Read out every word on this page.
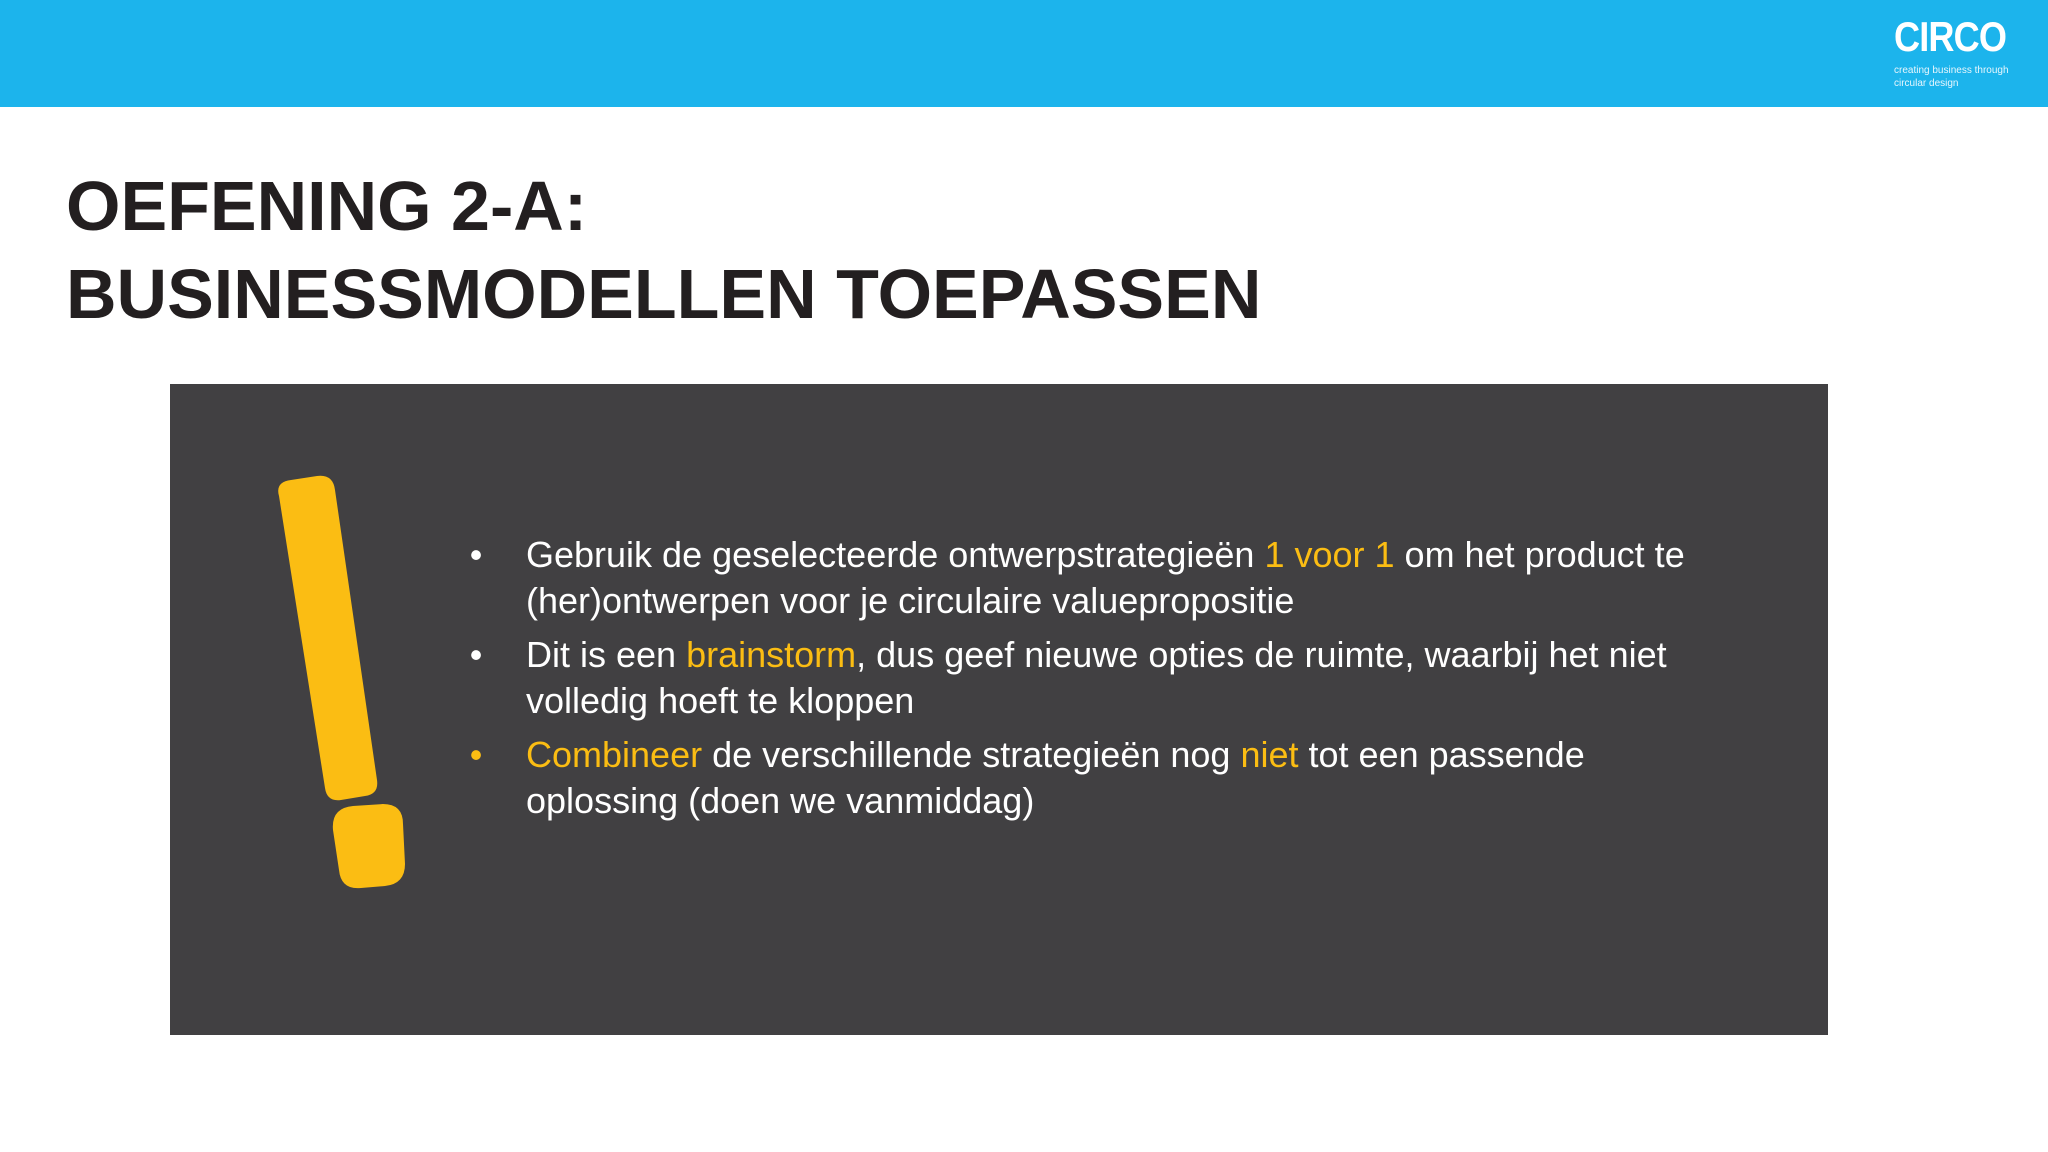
CIRCO
creating business through circular design
OEFENING 2-A:
BUSINESSMODELLEN TOEPASSEN
• Gebruik de geselecteerde ontwerpstrategieën 1 voor 1 om het product te (her)ontwerpen voor je circulaire valuepropositie
• Dit is een brainstorm, dus geef nieuwe opties de ruimte, waarbij het niet volledig hoeft te kloppen
• Combineer de verschillende strategieën nog niet tot een passende oplossing (doen we vanmiddag)
